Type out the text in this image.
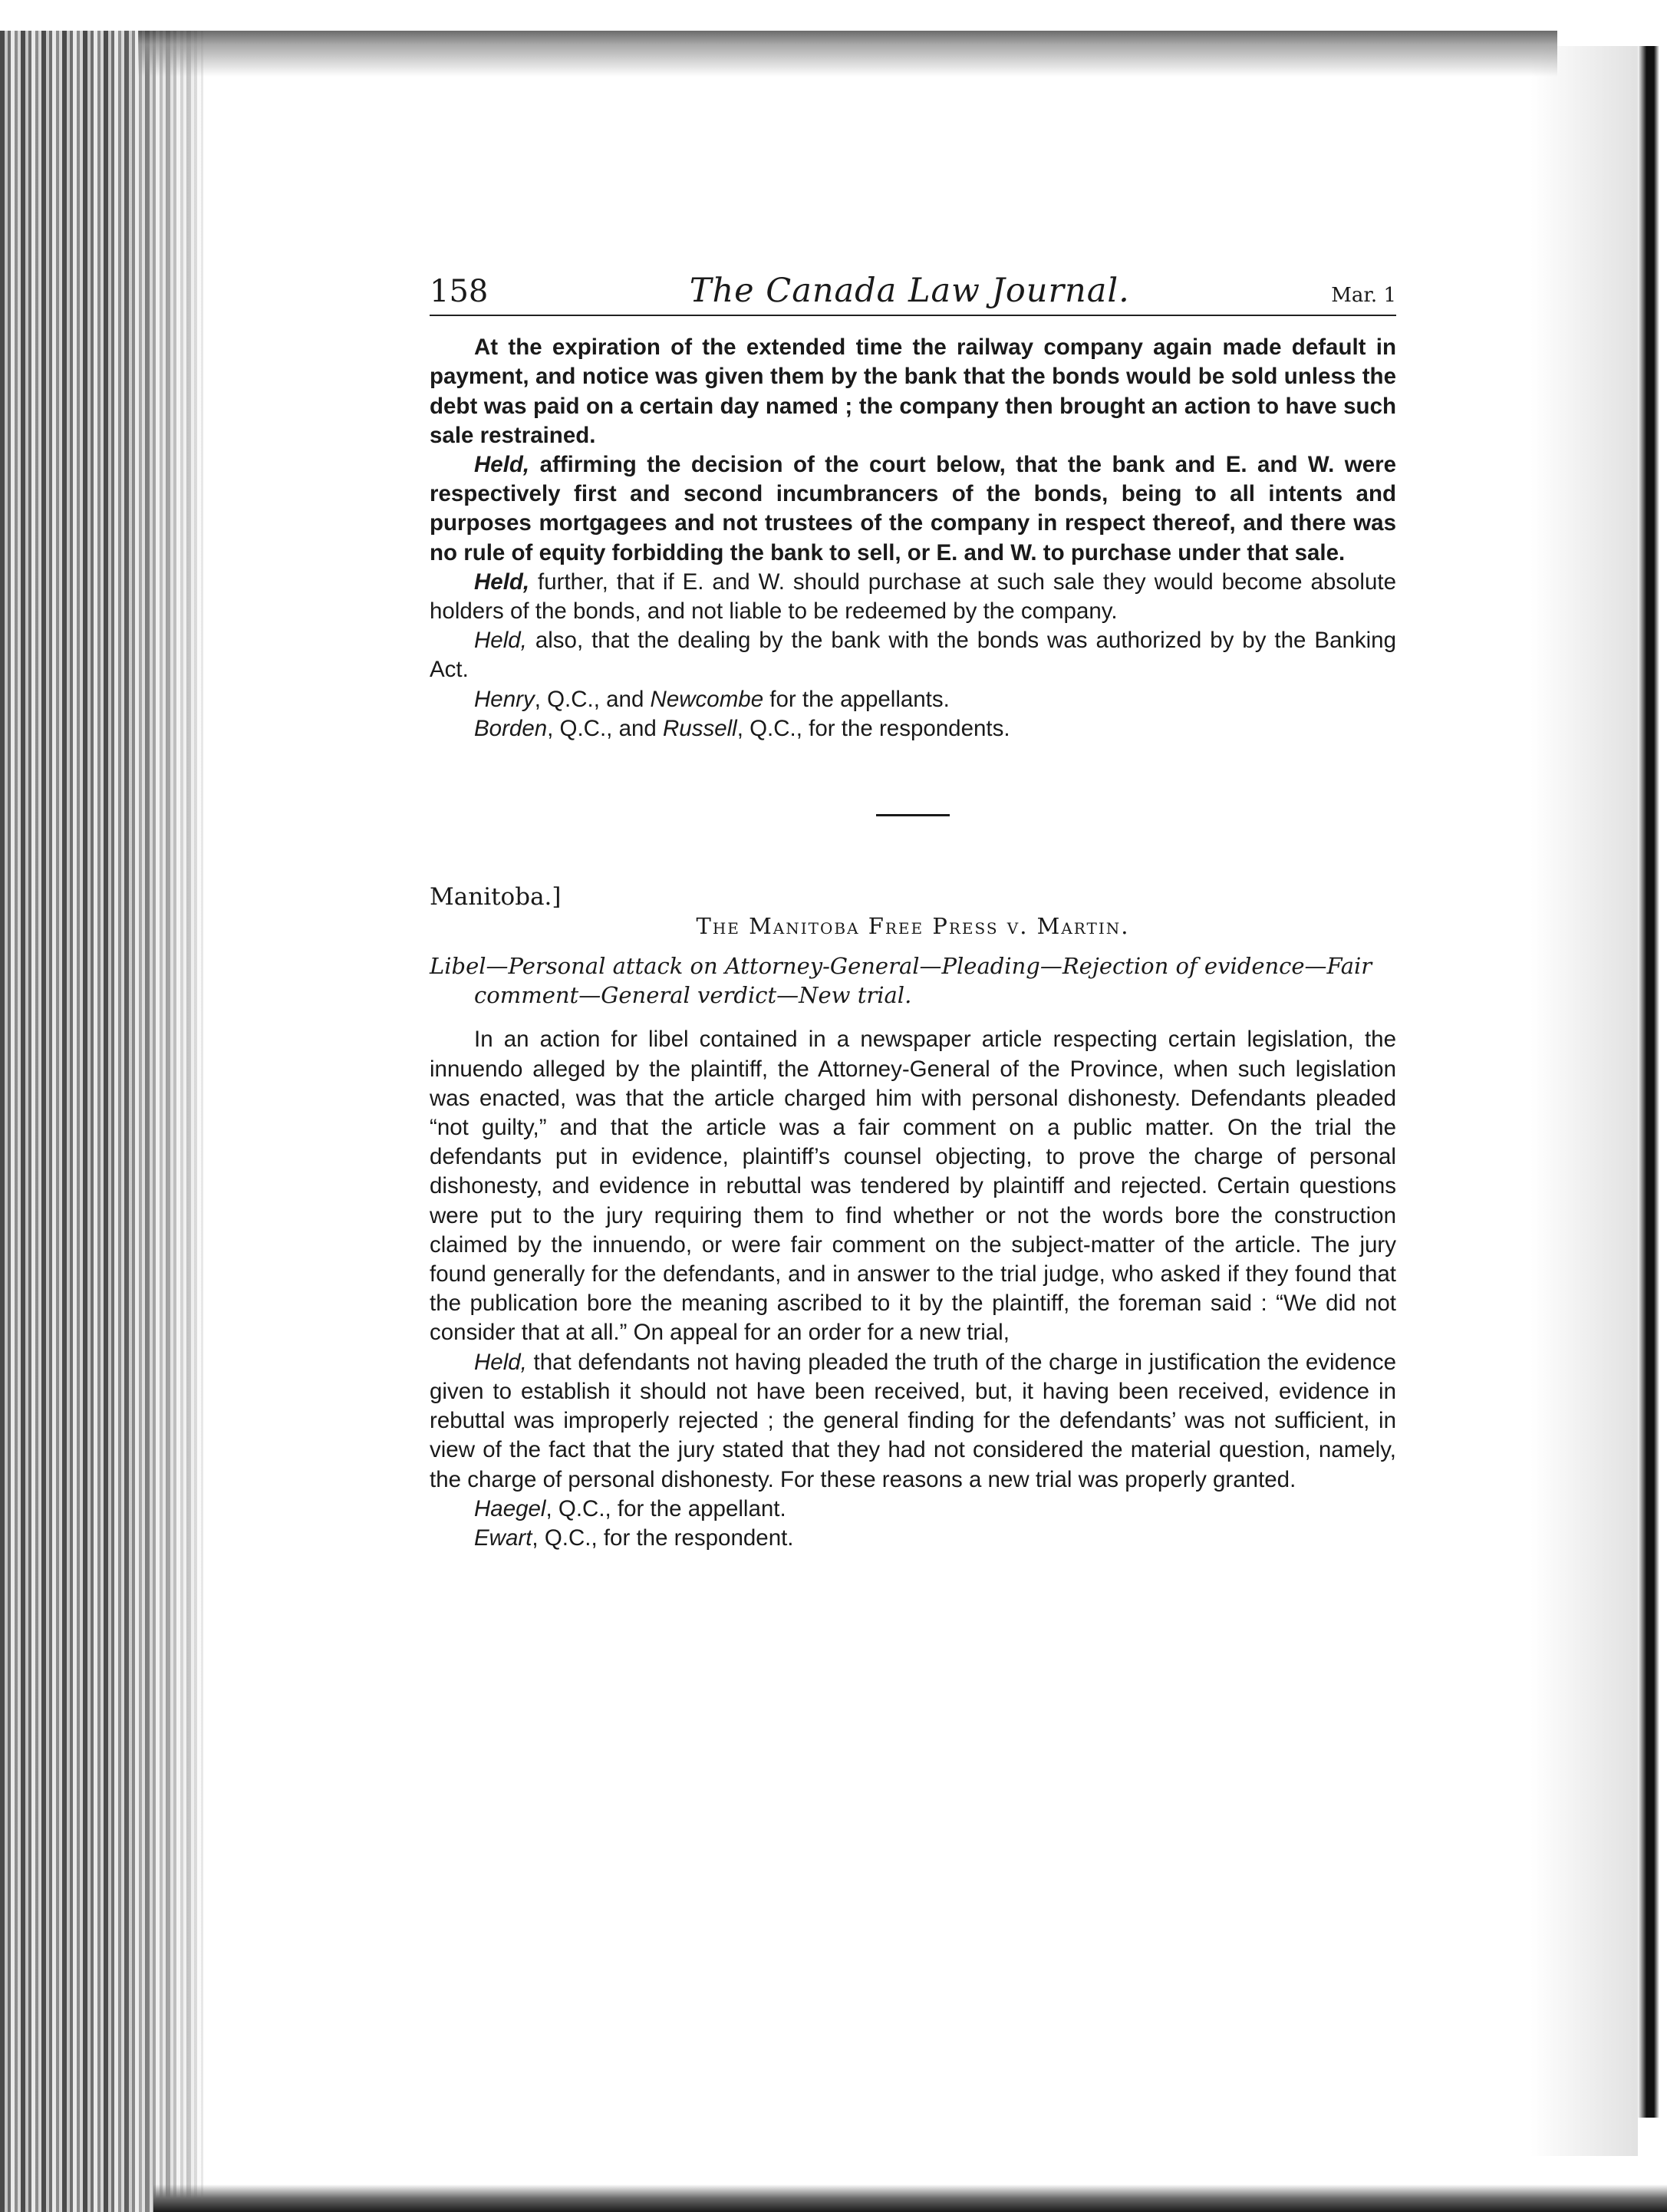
158	The Canada Law Journal.	Mar. 1

At the expiration of the extended time the railway company again made default in payment, and notice was given them by the bank that the bonds would be sold unless the debt was paid on a certain day named ; the company then brought an action to have such sale restrained.

Held, affirming the decision of the court below, that the bank and E. and W. were respectively first and second incumbrancers of the bonds, being to all intents and purposes mortgagees and not trustees of the company in respect thereof, and there was no rule of equity forbidding the bank to sell, or E. and W. to purchase under that sale.

Held, further, that if E. and W. should purchase at such sale they would become absolute holders of the bonds, and not liable to be redeemed by the company.

Held, also, that the dealing by the bank with the bonds was authorized by by the Banking Act.

Henry, Q.C., and Newcombe for the appellants.

Borden, Q.C., and Russell, Q.C., for the respondents.

Manitoba.]

The Manitoba Free Press v. Martin.

Libel—Personal attack on Attorney-General—Pleading—Rejection of evidence—Fair comment—General verdict—New trial.

In an action for libel contained in a newspaper article respecting certain legislation, the innuendo alleged by the plaintiff, the Attorney-General of the Province, when such legislation was enacted, was that the article charged him with personal dishonesty. Defendants pleaded “not guilty,” and that the article was a fair comment on a public matter. On the trial the defendants put in evidence, plaintiff’s counsel objecting, to prove the charge of personal dishonesty, and evidence in rebuttal was tendered by plaintiff and rejected. Certain questions were put to the jury requiring them to find whether or not the words bore the construction claimed by the innuendo, or were fair comment on the subject-matter of the article. The jury found generally for the defendants, and in answer to the trial judge, who asked if they found that the publication bore the meaning ascribed to it by the plaintiff, the foreman said : “We did not consider that at all.” On appeal for an order for a new trial,

Held, that defendants not having pleaded the truth of the charge in justification the evidence given to establish it should not have been received, but, it having been received, evidence in rebuttal was improperly rejected ; the general finding for the defendants’ was not sufficient, in view of the fact that the jury stated that they had not considered the material question, namely, the charge of personal dishonesty. For these reasons a new trial was properly granted.

Haegel, Q.C., for the appellant.

Ewart, Q.C., for the respondent.
